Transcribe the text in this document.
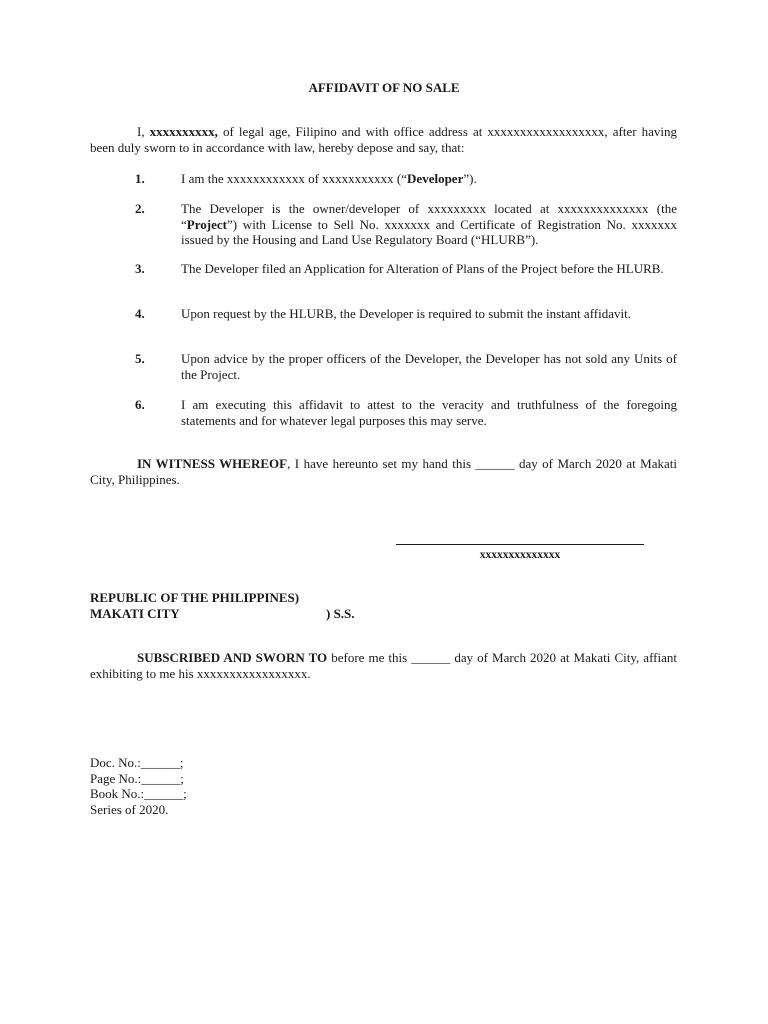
AFFIDAVIT OF NO SALE
I, xxxxxxxxxx, of legal age, Filipino and with office address at xxxxxxxxxxxxxxxxxx, after having been duly sworn to in accordance with law, hereby depose and say, that:
1.	I am the xxxxxxxxxxxx of xxxxxxxxxxx (“Developer”).
2.	The Developer is the owner/developer of xxxxxxxxx located at xxxxxxxxxxxxxx (the “Project”) with License to Sell No. xxxxxxx and Certificate of Registration No. xxxxxxx issued by the Housing and Land Use Regulatory Board (“HLURB”).
3.	The Developer filed an Application for Alteration of Plans of the Project before the HLURB.
4.	Upon request by the HLURB, the Developer is required to submit the instant affidavit.
5.	Upon advice by the proper officers of the Developer, the Developer has not sold any Units of the Project.
6.	I am executing this affidavit to attest to the veracity and truthfulness of the foregoing statements and for whatever legal purposes this may serve.
IN WITNESS WHEREOF, I have hereunto set my hand this ______ day of March 2020 at Makati City, Philippines.
xxxxxxxxxxxxxx
REPUBLIC OF THE PHILIPPINES)
MAKATI CITY	) S.S.
SUBSCRIBED AND SWORN TO before me this ______ day of March 2020 at Makati City, affiant exhibiting to me his xxxxxxxxxxxxxxxxx.
Doc. No.:______;
Page No.:______;
Book No.:______;
Series of 2020.
